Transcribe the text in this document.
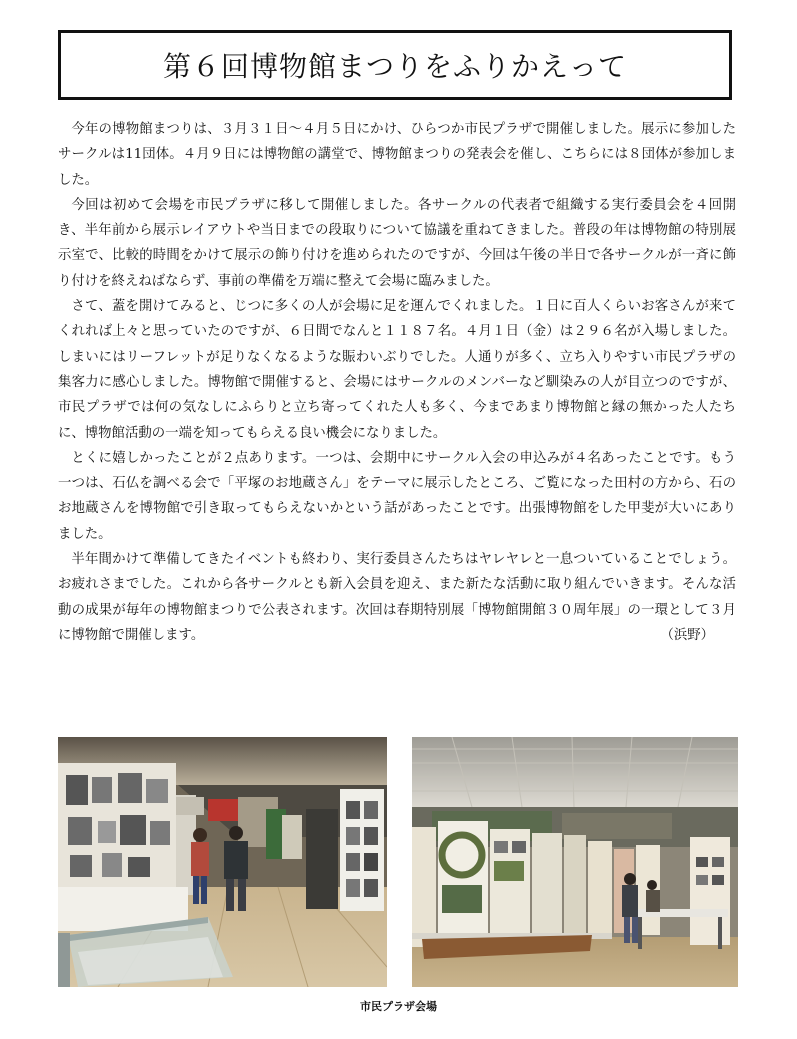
第６回博物館まつりをふりかえって

今年の博物館まつりは、３月３１日～４月５日にかけ、ひらつか市民プラザで開催しました。展示に参加したサークルは11団体。４月９日には博物館の講堂で、博物館まつりの発表会を催し、こちらには８団体が参加しました。

今回は初めて会場を市民プラザに移して開催しました。各サークルの代表者で組織する実行委員会を４回開き、半年前から展示レイアウトや当日までの段取りについて協議を重ねてきました。普段の年は博物館の特別展示室で、比較的時間をかけて展示の飾り付けを進められたのですが、今回は午後の半日で各サークルが一斉に飾り付けを終えねばならず、事前の準備を万端に整えて会場に臨みました。

さて、蓋を開けてみると、じつに多くの人が会場に足を運んでくれました。１日に百人くらいお客さんが来てくれれば上々と思っていたのですが、６日間でなんと１１８７名。４月１日（金）は２９６名が入場しました。しまいにはリーフレットが足りなくなるような賑わいぶりでした。人通りが多く、立ち入りやすい市民プラザの集客力に感心しました。博物館で開催すると、会場にはサークルのメンバーなど馴染みの人が目立つのですが、市民プラザでは何の気なしにふらりと立ち寄ってくれた人も多く、今まであまり博物館と縁の無かった人たちに、博物館活動の一端を知ってもらえる良い機会になりました。

とくに嬉しかったことが２点あります。一つは、会期中にサークル入会の申込みが４名あったことです。もう一つは、石仏を調べる会で「平塚のお地蔵さん」をテーマに展示したところ、ご覧になった田村の方から、石のお地蔵さんを博物館で引き取ってもらえないかという話があったことです。出張博物館をした甲斐が大いにありました。

半年間かけて準備してきたイベントも終わり、実行委員さんたちはヤレヤレと一息ついていることでしょう。お疲れさまでした。これから各サークルとも新入会員を迎え、また新たな活動に取り組んでいきます。そんな活動の成果が毎年の博物館まつりで公表されます。次回は春期特別展「博物館開館３０周年展」の一環として３月に博物館で開催します。	（浜野）

市民プラザ会場
